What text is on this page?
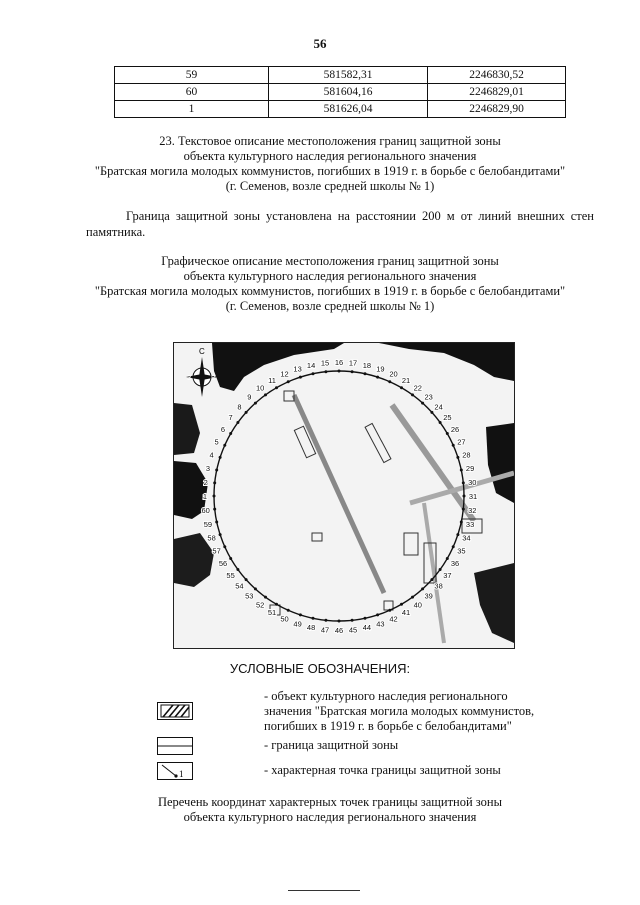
56
59	581582,31	2246830,52
60	581604,16	2246829,01
1	581626,04	2246829,90
23. Текстовое описание местоположения границ защитной зоны
объекта культурного наследия регионального значения
"Братская могила молодых коммунистов, погибших в 1919 г. в борьбе с белобандитами"
(г. Семенов, возле средней школы № 1)
Граница защитной зоны установлена на расстоянии 200 м от линий внешних стен памятника.
Графическое описание местоположения границ защитной зоны
объекта культурного наследия регионального значения
"Братская могила молодых коммунистов, погибших в 1919 г. в борьбе с белобандитами"
(г. Семенов, возле средней школы № 1)
С
З	В
1
2
3
4
5
6
7
8
9
10
11
12
13 14 15 16 17 18 19
20
21
22
23
24
25
26
27
28
29
30
31
32
33
34
35
36
37
38
39
40
41
42
43
44
45
46
47
48
49
50
51
52
53
54
55
56
57
58
59
60
УСЛОВНЫЕ ОБОЗНАЧЕНИЯ:
- объект культурного наследия регионального
значения "Братская могила молодых коммунистов,
погибших в 1919 г. в борьбе с белобандитами"
- граница защитной зоны
1	- характерная точка границы защитной зоны
Перечень координат характерных точек границы защитной зоны
объекта культурного наследия регионального значения
